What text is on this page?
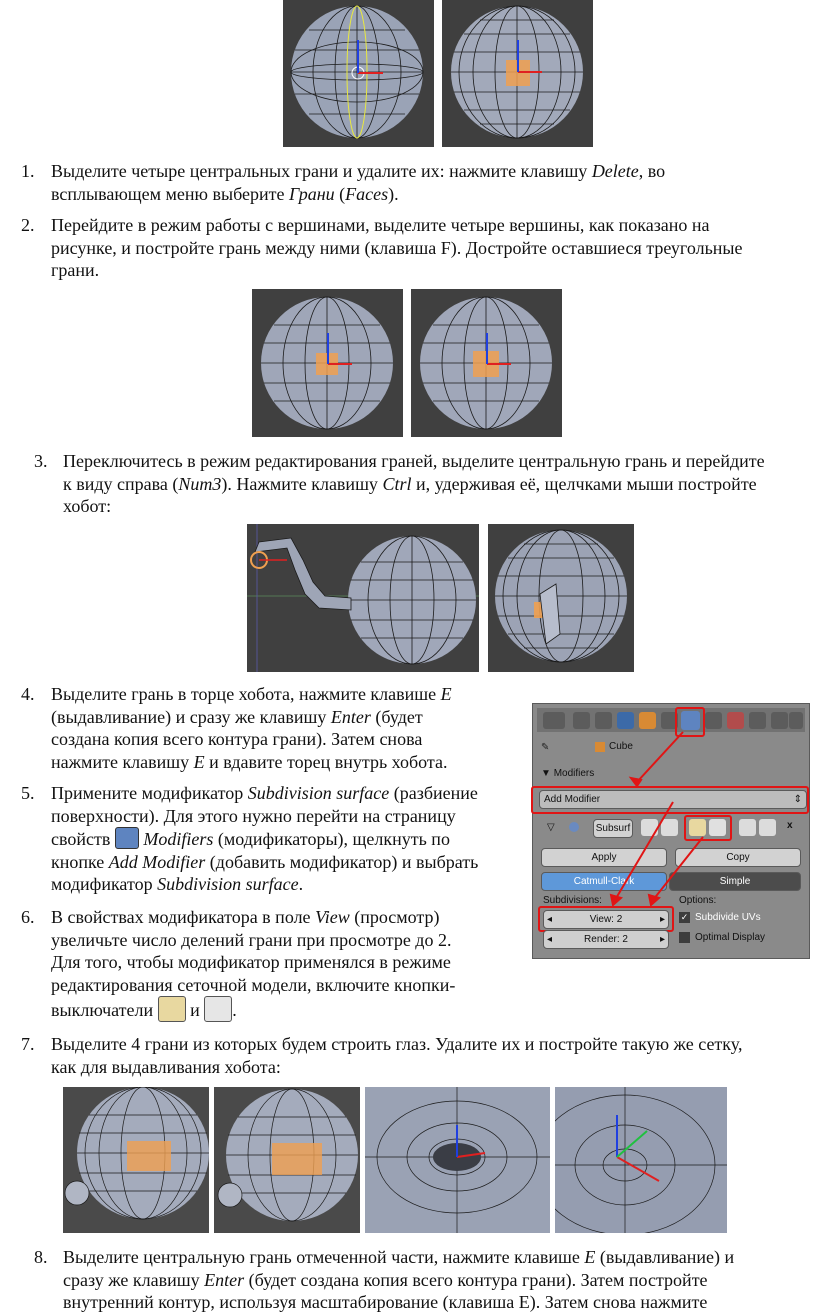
1. Выделите четыре центральных грани и удалите их: нажмите клавишу Delete, во
всплывающем меню выберите Грани (Faces).
2. Перейдите в режим работы с вершинами, выделите четыре вершины, как показано на
рисунке, и постройте грань между ними (клавиша F). Достройте оставшиеся треугольные
грани.
3. Переключитесь в режим редактирования граней, выделите центральную грань и перейдите
к виду справа (Num3). Нажмите клавишу Ctrl и, удерживая её, щелчками мыши постройте
хобот:
4. Выделите грань в торце хобота, нажмите клавише E
(выдавливание) и сразу же клавишу Enter (будет
создана копия всего контура грани). Затем снова
нажмите клавишу E и вдавите торец внутрь хобота.
5. Примените модификатор Subdivision surface (разбиение
поверхности). Для этого нужно перейти на страницу
свойств  Modifiers (модификаторы), щелкнуть по
кнопке Add Modifier (добавить модификатор) и выбрать
модификатор Subdivision surface.
6. В свойствах модификатора в поле View (просмотр)
увеличьте число делений грани при просмотре до 2.
Для того, чтобы модификатор применялся в режиме
редактирования сеточной модели, включите кнопки-
выключатели  и .
✎	Cube
▼ Modifiers
Add Modifier	⇕
▽	Subsurf	x
Apply	Copy
Catmull-Clark	Simple
Subdivisions:	Options:
◂	View: 2	▸
◂	Render: 2	▸
✓ Subdivide UVs
Optimal Display
7. Выделите 4 грани из которых будем строить глаз. Удалите их и постройте такую же сетку,
как для выдавливания хобота:
8. Выделите центральную грань отмеченной части, нажмите клавише E (выдавливание) и
сразу же клавишу Enter (будет создана копия всего контура грани). Затем постройте
внутренний контур, используя масштабирование (клавиша E). Затем снова нажмите
